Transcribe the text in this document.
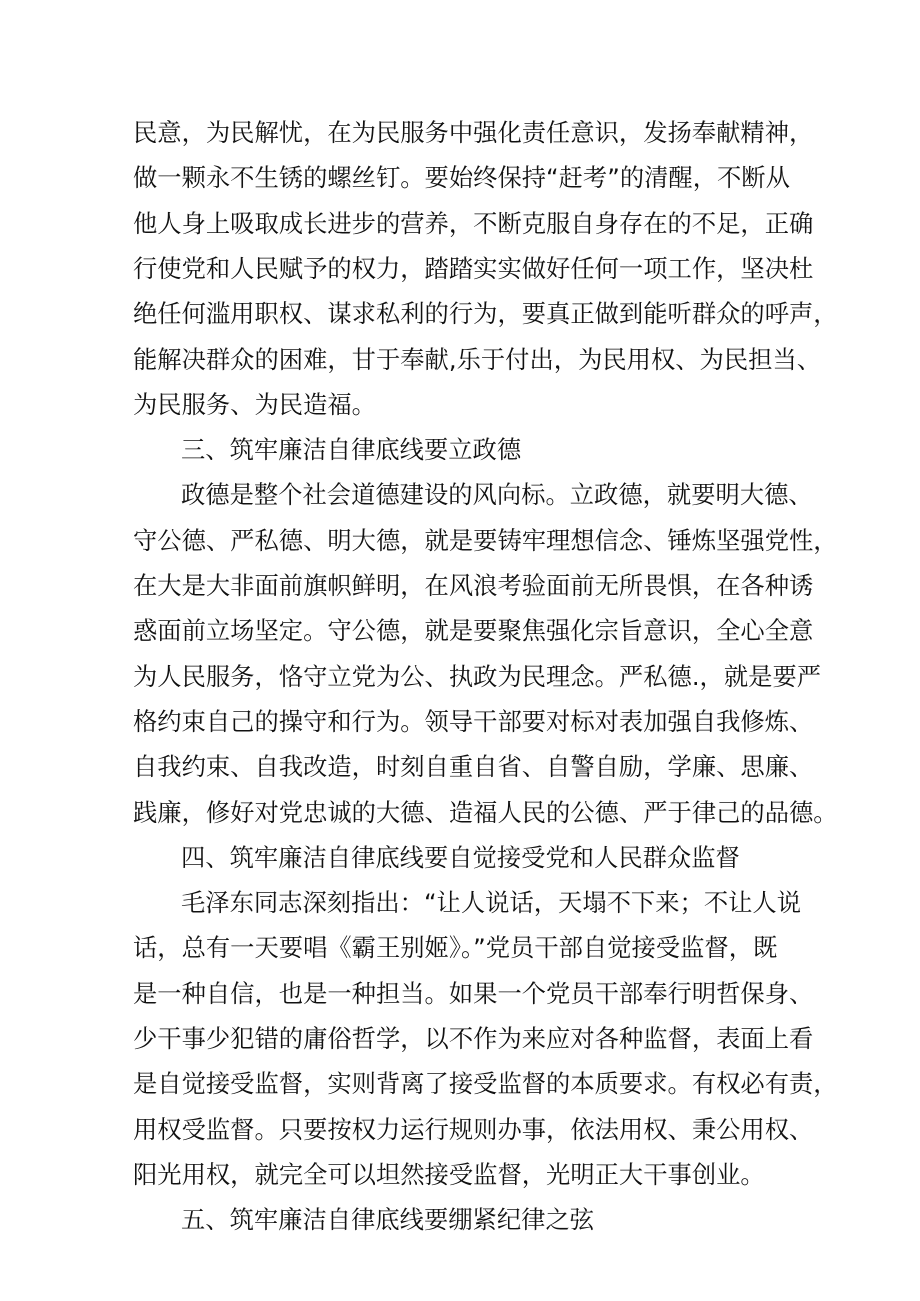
民意，为民解忧，在为民服务中强化责任意识，发扬奉献精神，

做一颗永不生锈的螺丝钉。要始终保持“赶考”的清醒，不断从

他人身上吸取成长进步的营养，不断克服自身存在的不足，正确

行使党和人民赋予的权力，踏踏实实做好任何一项工作，坚决杜

绝任何滥用职权、谋求私利的行为，要真正做到能听群众的呼声，

能解决群众的困难，甘于奉献,乐于付出，为民用权、为民担当、

为民服务、为民造福。

三、筑牢廉洁自律底线要立政德

政德是整个社会道德建设的风向标。立政德，就要明大德、

守公德、严私德、明大德，就是要铸牢理想信念、锤炼坚强党性，

在大是大非面前旗帜鲜明，在风浪考验面前无所畏惧，在各种诱

惑面前立场坚定。守公德，就是要聚焦强化宗旨意识，全心全意

为人民服务，恪守立党为公、执政为民理念。严私德.，就是要严

格约束自己的操守和行为。领导干部要对标对表加强自我修炼、

自我约束、自我改造，时刻自重自省、自警自励，学廉、思廉、

践廉，修好对党忠诚的大德、造福人民的公德、严于律己的品德。

四、筑牢廉洁自律底线要自觉接受党和人民群众监督

毛泽东同志深刻指出：“让人说话，天塌不下来；不让人说

话，总有一天要唱《霸王别姬》。”党员干部自觉接受监督，既

是一种自信，也是一种担当。如果一个党员干部奉行明哲保身、

少干事少犯错的庸俗哲学，以不作为来应对各种监督，表面上看

是自觉接受监督，实则背离了接受监督的本质要求。有权必有责，

用权受监督。只要按权力运行规则办事，依法用权、秉公用权、

阳光用权，就完全可以坦然接受监督，光明正大干事创业。

五、筑牢廉洁自律底线要绷紧纪律之弦
